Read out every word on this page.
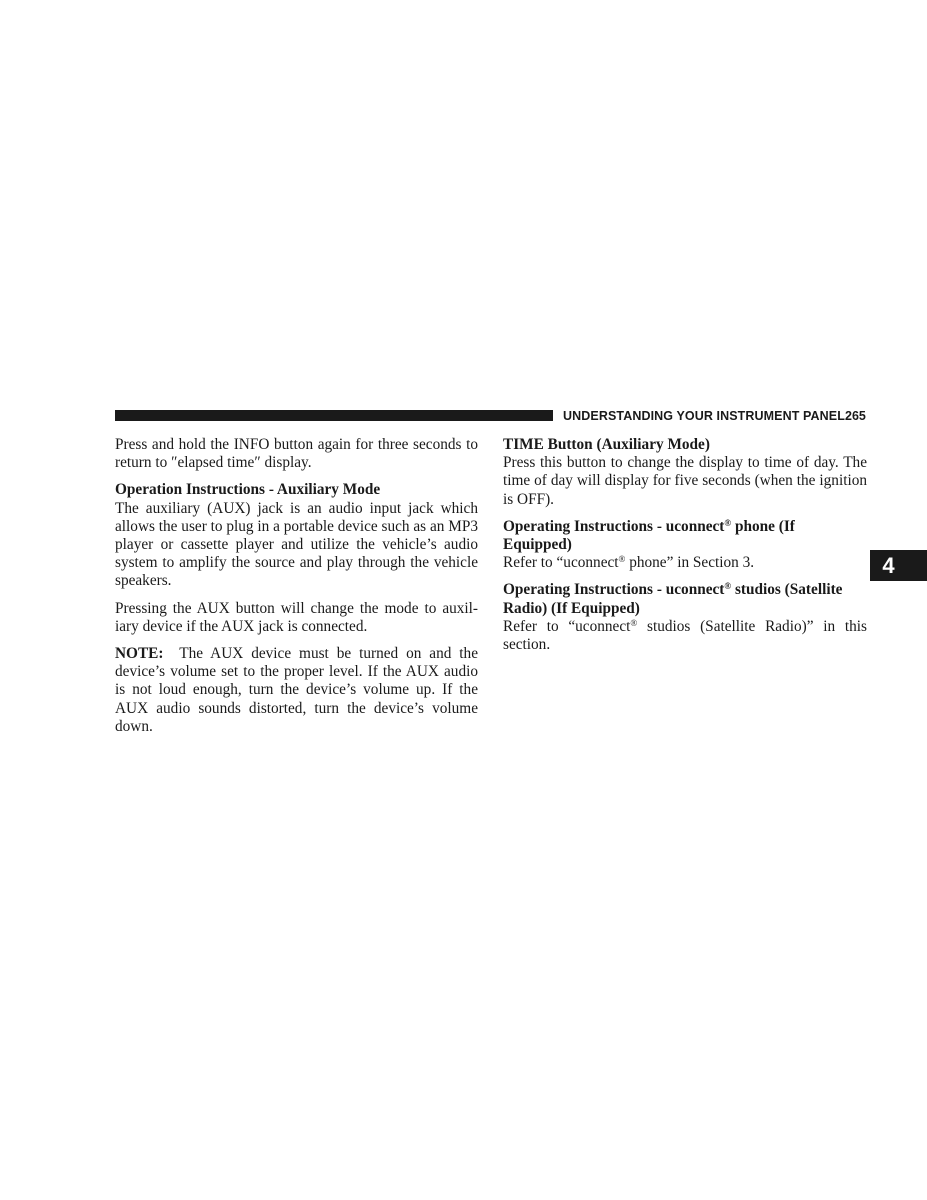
UNDERSTANDING YOUR INSTRUMENT PANEL 265
4

Press and hold the INFO button again for three seconds to return to ″elapsed time″ display.

Operation Instructions - Auxiliary Mode

The auxiliary (AUX) jack is an audio input jack which allows the user to plug in a portable device such as an MP3 player or cassette player and utilize the vehicle’s audio system to amplify the source and play through the vehicle speakers.

Pressing the AUX button will change the mode to auxil-iary device if the AUX jack is connected.

NOTE: The AUX device must be turned on and the device’s volume set to the proper level. If the AUX audio is not loud enough, turn the device’s volume up. If the AUX audio sounds distorted, turn the device’s volume down.

TIME Button (Auxiliary Mode)

Press this button to change the display to time of day. The time of day will display for five seconds (when the ignition is OFF).

Operating Instructions - uconnect® phone (If Equipped)

Refer to “uconnect® phone” in Section 3.

Operating Instructions - uconnect® studios (Satellite Radio) (If Equipped)

Refer to “uconnect® studios (Satellite Radio)” in this section.
